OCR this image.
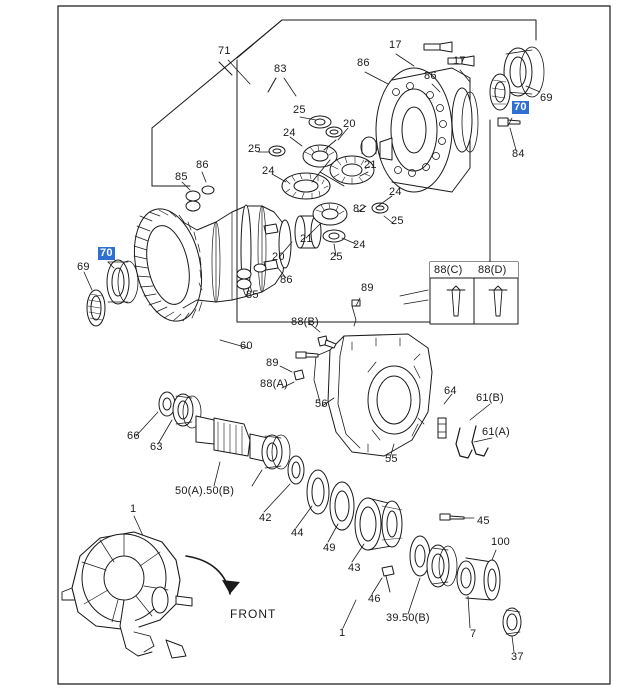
71
83	86
17
17
86
69
70
84
25
20
24
25
24	21
24
82
25
24
25
21
20
85
86
86
85
69
70
89
88(B)
89
88(A)
60
56
64
61(B)
61(A)
55
66
63
50(A).50(B)
42
44
49
43
46
45
100
39.50(B)
7
37
1
1
88(C) 88(D)
FRONT
